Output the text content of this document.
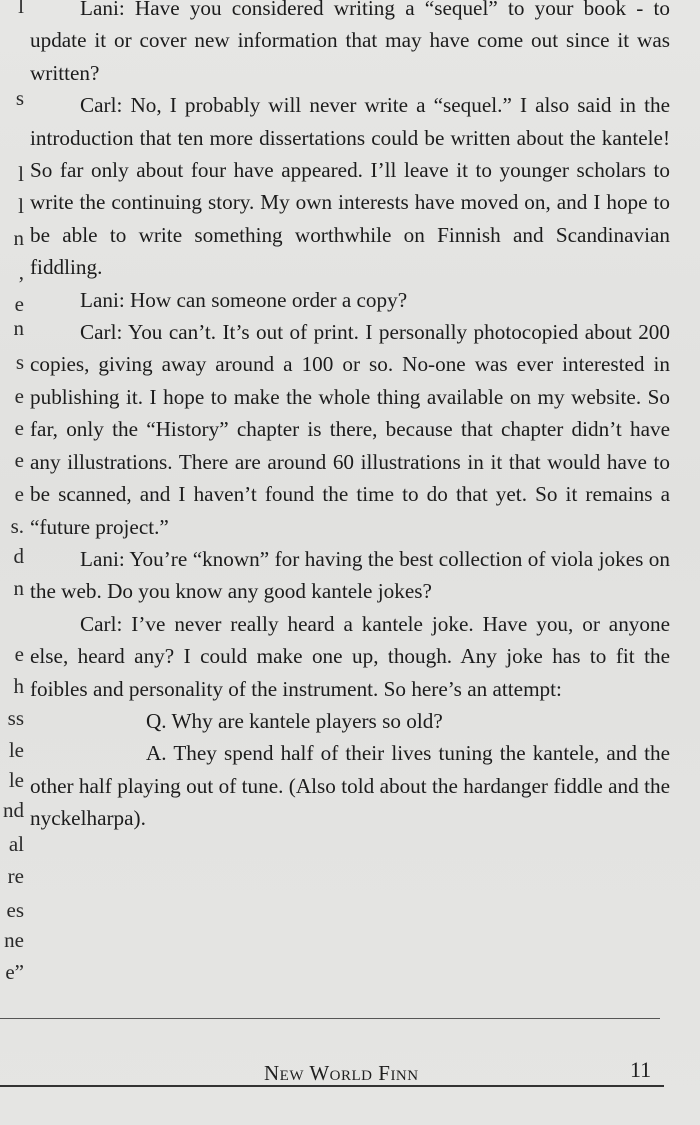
l
s
l
l
n
,
e
n
s
e
e
e
e
s.
d
n
e
h
ss
le
le
nd
al
re
es
ne
e”

Lani: Have you considered writing a “sequel” to your book - to update it or cover new information that may have come out since it was written?

Carl: No, I probably will never write a “sequel.” I also said in the introduction that ten more dissertations could be written about the kantele! So far only about four have appeared. I’ll leave it to younger scholars to write the continuing story. My own interests have moved on, and I hope to be able to write something worthwhile on Finnish and Scandinavian fiddling.

Lani: How can someone order a copy?

Carl: You can’t. It’s out of print. I personally photocopied about 200 copies, giving away around a 100 or so. No-one was ever interested in publishing it. I hope to make the whole thing available on my website. So far, only the “History” chapter is there, because that chapter didn’t have any illustrations. There are around 60 illustrations in it that would have to be scanned, and I haven’t found the time to do that yet. So it remains a “future project.”

Lani: You’re “known” for having the best collection of viola jokes on the web. Do you know any good kantele jokes?

Carl: I’ve never really heard a kantele joke. Have you, or anyone else, heard any? I could make one up, though. Any joke has to fit the foibles and personality of the instrument. So here’s an attempt:

Q. Why are kantele players so old?

A. They spend half of their lives tuning the kantele, and the other half playing out of tune. (Also told about the hardanger fiddle and the nyckelharpa).

New World Finn	11
